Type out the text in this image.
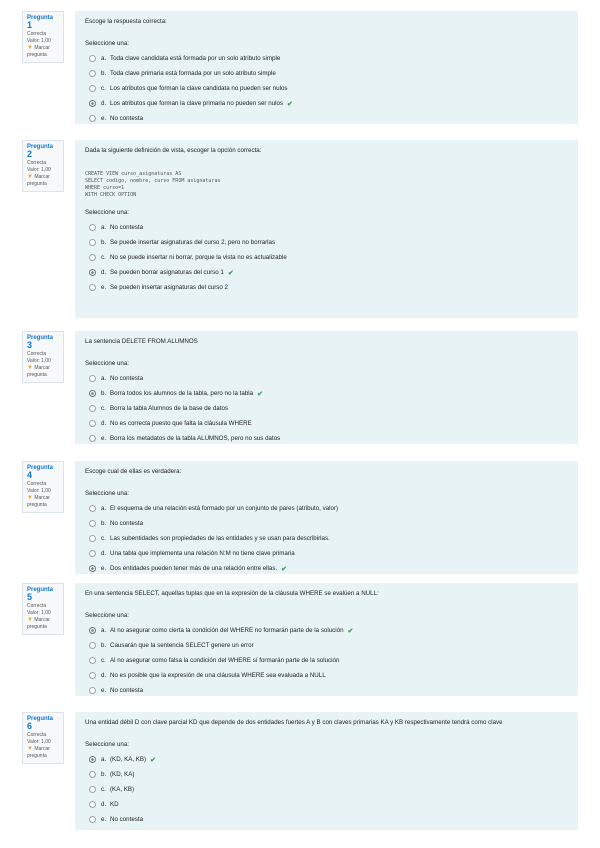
Pregunta 1
Correcta
Valor: 1,00
▼ Marcar pregunta

Escoge la respuesta correcta:

Seleccione una:

a. Toda clave candidata está formada por un solo atributo simple
b. Toda clave primaria está formada por un solo atributo simple
c. Los atributos que forman la clave candidata no pueden ser nulos
d. Los atributos que forman la clave primaria no pueden ser nulos ✔
e. No contesta
Pregunta 2
Correcta
Valor: 1,00
▼ Marcar pregunta

Dada la siguiente definición de vista, escoger la opción correcta:

CREATE VIEW curso_asignaturas AS
SELECT codigo, nombre, curso FROM asignaturas
WHERE curso=1
WITH CHECK OPTION

Seleccione una:

a. No contesta
b. Se puede insertar asignaturas del curso 2, pero no borrarlas
c. No se puede insertar ni borrar, porque la vista no es actualizable
d. Se pueden borrar asignaturas del curso 1 ✔
e. Se pueden insertar asignaturas del curso 2
Pregunta 3
Correcta
Valor: 1,00
▼ Marcar pregunta

La sentencia DELETE FROM ALUMNOS

Seleccione una:

a. No contesta
b. Borra todos los alumnos de la tabla, pero no la tabla ✔
c. Borra la tabla Alumnos de la base de datos
d. No es correcta puesto que falta la cláusula WHERE
e. Borra los metadatos de la tabla ALUMNOS, pero no sus datos
Pregunta 4
Correcta
Valor: 1,00
▼ Marcar pregunta

Escoge cual de ellas es verdadera:

Seleccione una:

a. El esquema de una relación está formado por un conjunto de pares (atributo, valor)
b. No contesta
c. Las subentidades son propiedades de las entidades y se usan para describirlas.
d. Una tabla que implementa una relación N:M no tiene clave primaria
e. Dos entidades pueden tener más de una relación entre ellas. ✔
Pregunta 5
Correcta
Valor: 1,00
▼ Marcar pregunta

En una sentencia SELECT, aquellas tuplas que en la expresión de la cláusula WHERE se evalúen a NULL:

Seleccione una:

a. Al no asegurar como cierta la condición del WHERE no formarán parte de la solución ✔
b. Causarán que la sentencia SELECT genere un error
c. Al no asegurar como falsa la condición del WHERE sí formarán parte de la solución
d. No es posible que la expresión de una cláusula WHERE sea evaluada a NULL
e. No contesta
Pregunta 6
Correcta
Valor: 1,00
▼ Marcar pregunta

Una entidad débil D con clave parcial KD que depende de dos entidades fuertes A y B con claves primarias KA y KB respectivamente tendrá como clave

Seleccione una:

a. (KD, KA, KB) ✔
b. (KD, KA)
c. (KA, KB)
d. KD
e. No contesta
